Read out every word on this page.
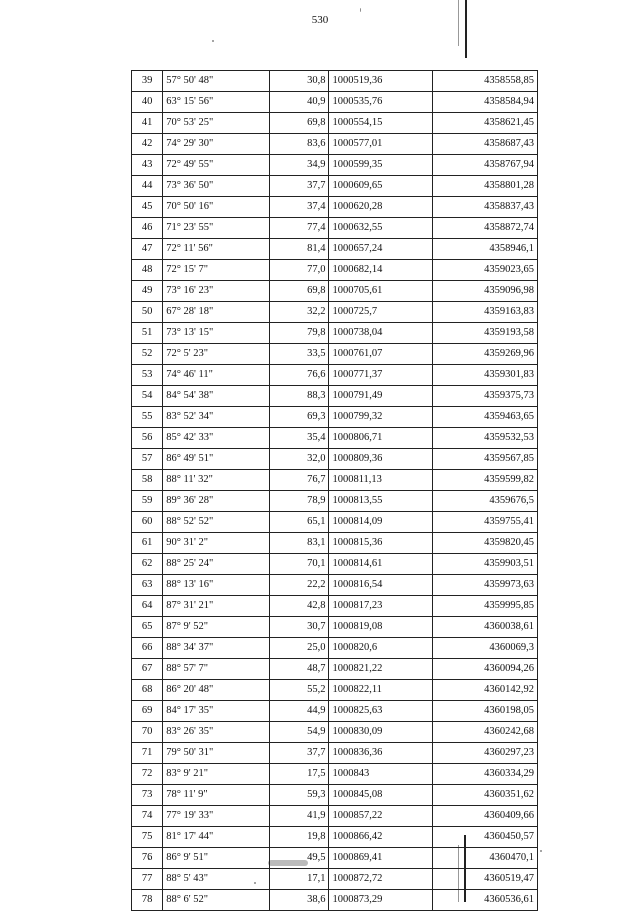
530
39	57° 50' 48"	30,8	1000519,36	4358558,85
40	63° 15' 56"	40,9	1000535,76	4358584,94
41	70° 53' 25"	69,8	1000554,15	4358621,45
42	74° 29' 30"	83,6	1000577,01	4358687,43
43	72° 49' 55"	34,9	1000599,35	4358767,94
44	73° 36' 50"	37,7	1000609,65	4358801,28
45	70° 50' 16"	37,4	1000620,28	4358837,43
46	71° 23' 55"	77,4	1000632,55	4358872,74
47	72° 11' 56"	81,4	1000657,24	4358946,1
48	72° 15' 7"	77,0	1000682,14	4359023,65
49	73° 16' 23"	69,8	1000705,61	4359096,98
50	67° 28' 18"	32,2	1000725,7	4359163,83
51	73° 13' 15"	79,8	1000738,04	4359193,58
52	72° 5' 23"	33,5	1000761,07	4359269,96
53	74° 46' 11"	76,6	1000771,37	4359301,83
54	84° 54' 38"	88,3	1000791,49	4359375,73
55	83° 52' 34"	69,3	1000799,32	4359463,65
56	85° 42' 33"	35,4	1000806,71	4359532,53
57	86° 49' 51"	32,0	1000809,36	4359567,85
58	88° 11' 32"	76,7	1000811,13	4359599,82
59	89° 36' 28"	78,9	1000813,55	4359676,5
60	88° 52' 52"	65,1	1000814,09	4359755,41
61	90° 31' 2"	83,1	1000815,36	4359820,45
62	88° 25' 24"	70,1	1000814,61	4359903,51
63	88° 13' 16"	22,2	1000816,54	4359973,63
64	87° 31' 21"	42,8	1000817,23	4359995,85
65	87° 9' 52"	30,7	1000819,08	4360038,61
66	88° 34' 37"	25,0	1000820,6	4360069,3
67	88° 57' 7"	48,7	1000821,22	4360094,26
68	86° 20' 48"	55,2	1000822,11	4360142,92
69	84° 17' 35"	44,9	1000825,63	4360198,05
70	83° 26' 35"	54,9	1000830,09	4360242,68
71	79° 50' 31"	37,7	1000836,36	4360297,23
72	83° 9' 21"	17,5	1000843	4360334,29
73	78° 11' 9"	59,3	1000845,08	4360351,62
74	77° 19' 33"	41,9	1000857,22	4360409,66
75	81° 17' 44"	19,8	1000866,42	4360450,57
76	86° 9' 51"	49,5	1000869,41	4360470,1
77	88° 5' 43"	17,1	1000872,72	4360519,47
78	88° 6' 52"	38,6	1000873,29	4360536,61
